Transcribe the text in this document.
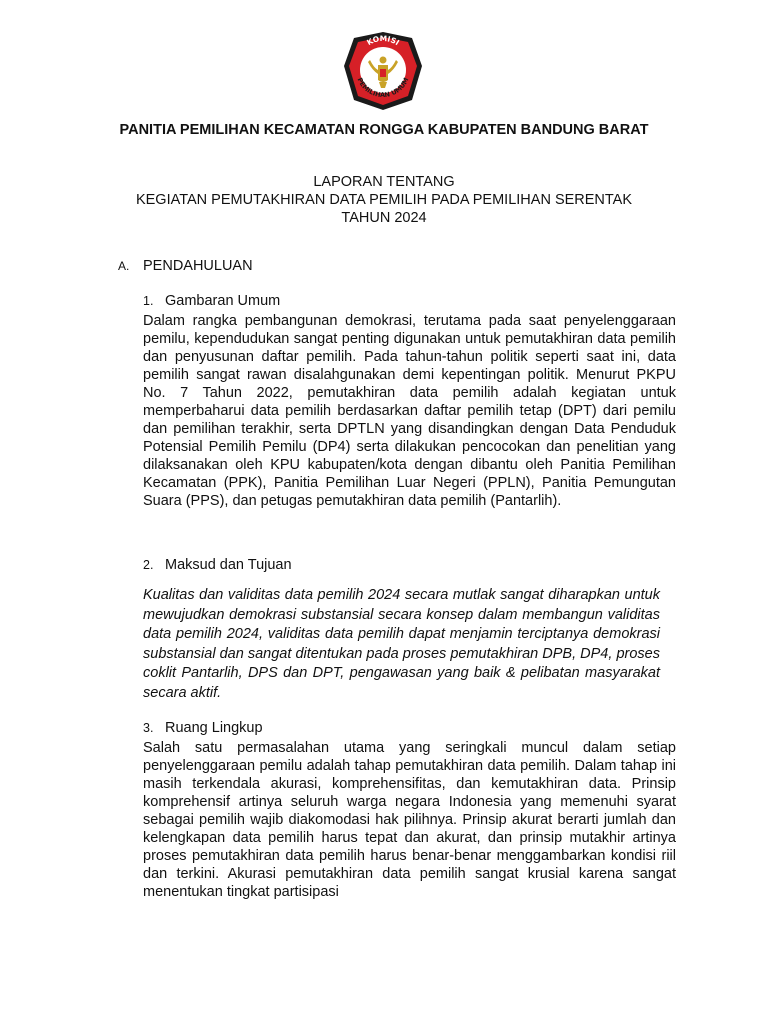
KOMISI
PEMILIHAN UMUM
PANITIA PEMILIHAN KECAMATAN RONGGA KABUPATEN BANDUNG BARAT
LAPORAN TENTANG
KEGIATAN PEMUTAKHIRAN DATA PEMILIH PADA PEMILIHAN SERENTAK
TAHUN 2024
A. PENDAHULUAN
1. Gambaran Umum

Dalam rangka pembangunan demokrasi, terutama pada saat penyelenggaraan pemilu, kependudukan sangat penting digunakan untuk pemutakhiran data pemilih dan penyusunan daftar pemilih. Pada tahun-tahun politik seperti saat ini, data pemilih sangat rawan disalahgunakan demi kepentingan politik. Menurut PKPU No. 7 Tahun 2022, pemutakhiran data pemilih adalah kegiatan untuk memperbaharui data pemilih berdasarkan daftar pemilih tetap (DPT) dari pemilu dan pemilihan terakhir, serta DPTLN yang disandingkan dengan Data Penduduk Potensial Pemilih Pemilu (DP4) serta dilakukan pencocokan dan penelitian yang dilaksanakan oleh KPU kabupaten/kota dengan dibantu oleh Panitia Pemilihan Kecamatan (PPK), Panitia Pemilihan Luar Negeri (PPLN), Panitia Pemungutan Suara (PPS), dan petugas pemutakhiran data pemilih (Pantarlih).

2. Maksud dan Tujuan

Kualitas dan validitas data pemilih 2024 secara mutlak sangat diharapkan untuk mewujudkan demokrasi substansial secara konsep dalam membangun validitas data pemilih 2024, validitas data pemilih dapat menjamin terciptanya demokrasi substansial dan sangat ditentukan pada proses pemutakhiran DPB, DP4, proses coklit Pantarlih, DPS dan DPT, pengawasan yang baik & pelibatan masyarakat secara aktif.

3. Ruang Lingkup

Salah satu permasalahan utama yang seringkali muncul dalam setiap penyelenggaraan pemilu adalah tahap pemutakhiran data pemilih. Dalam tahap ini masih terkendala akurasi, komprehensifitas, dan kemutakhiran data. Prinsip komprehensif artinya seluruh warga negara Indonesia yang memenuhi syarat sebagai pemilih wajib diakomodasi hak pilihnya. Prinsip akurat berarti jumlah dan kelengkapan data pemilih harus tepat dan akurat, dan prinsip mutakhir artinya proses pemutakhiran data pemilih harus benar-benar menggambarkan kondisi riil dan terkini. Akurasi pemutakhiran data pemilih sangat krusial karena sangat menentukan tingkat partisipasi
